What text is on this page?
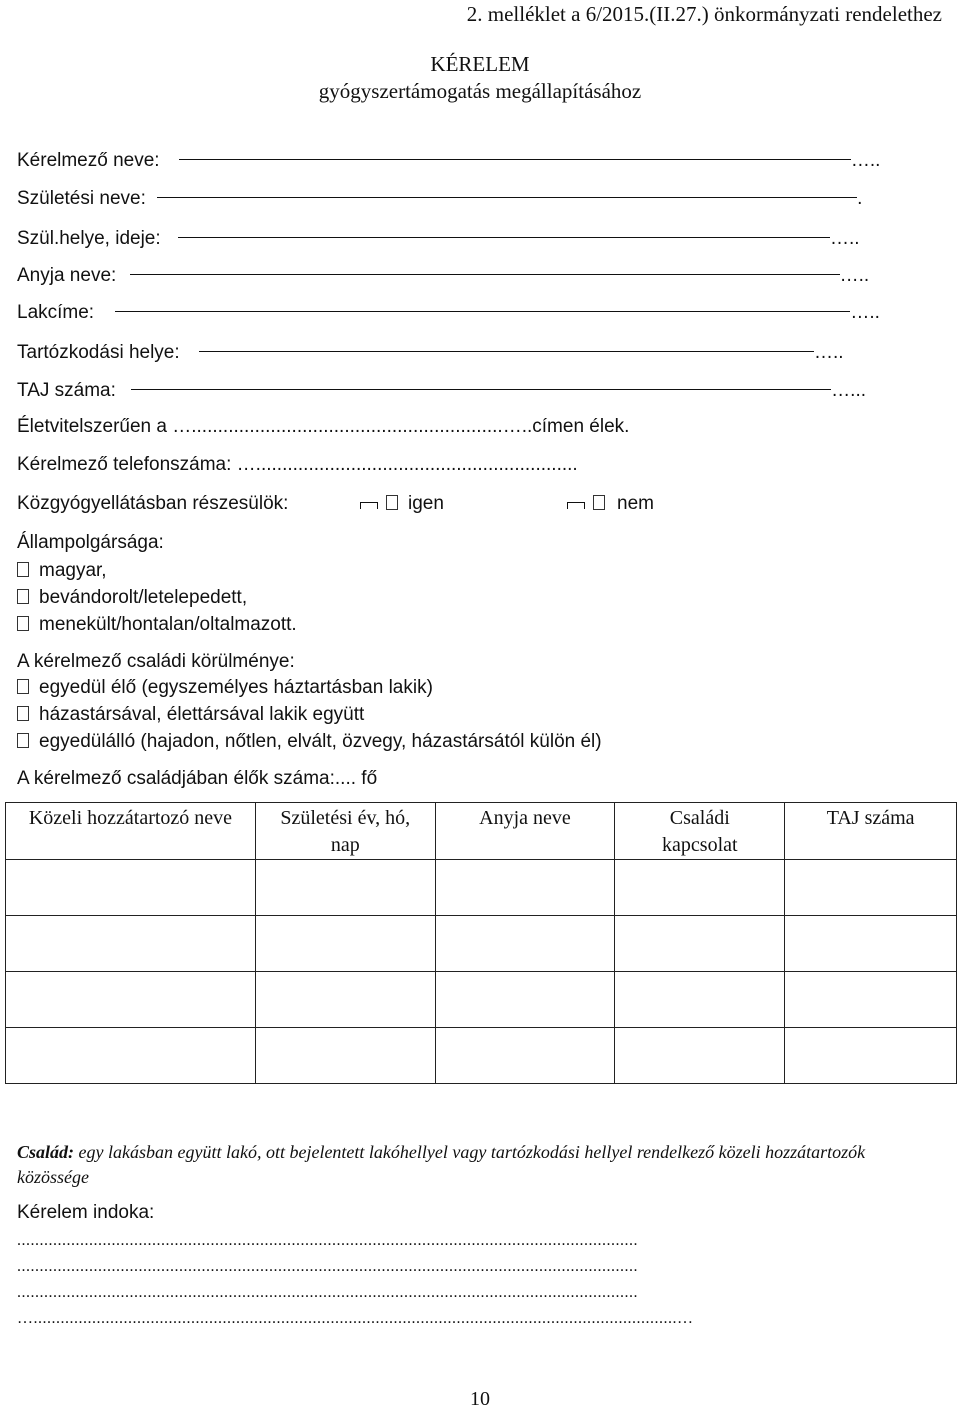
2. melléklet a 6/2015.(II.27.) önkormányzati rendelethez
KÉRELEM
gyógyszertámogatás megállapításához
Kérelmező neve:	…..
Születési neve:	.
Szül.helye, ideje:	…..
Anyja neve:	…..
Lakcíme:	…..
Tartózkodási helye:	…..
TAJ száma:	…...
Életvitelszerűen a …...........................................................…..címen élek.
Kérelmező telefonszáma: ….............................................................
Közgyógyellátásban részesülök:	igen	nem
Állampolgársága:
magyar,
bevándorolt/letelepedett,
menekült/hontalan/oltalmazott.
A kérelmező családi körülménye:
egyedül élő (egyszemélyes háztartásban lakik)
házastársával, élettársával lakik együtt
egyedülálló (hajadon, nőtlen, elvált, özvegy, házastársától külön él)
A kérelmező családjában élők száma:.... fő
Közeli hozzátartozó neve	Születési év, hó, nap	Anyja neve	Családi kapcsolat	TAJ száma

Család: egy lakásban együtt lakó, ott bejelentett lakóhellyel vagy tartózkodási hellyel rendelkező közeli hozzátartozók közössége
Kérelem indoka:
..........................................................................................................................................
..........................................................................................................................................
..........................................................................................................................................
…...............................................................................................................................................…
10
